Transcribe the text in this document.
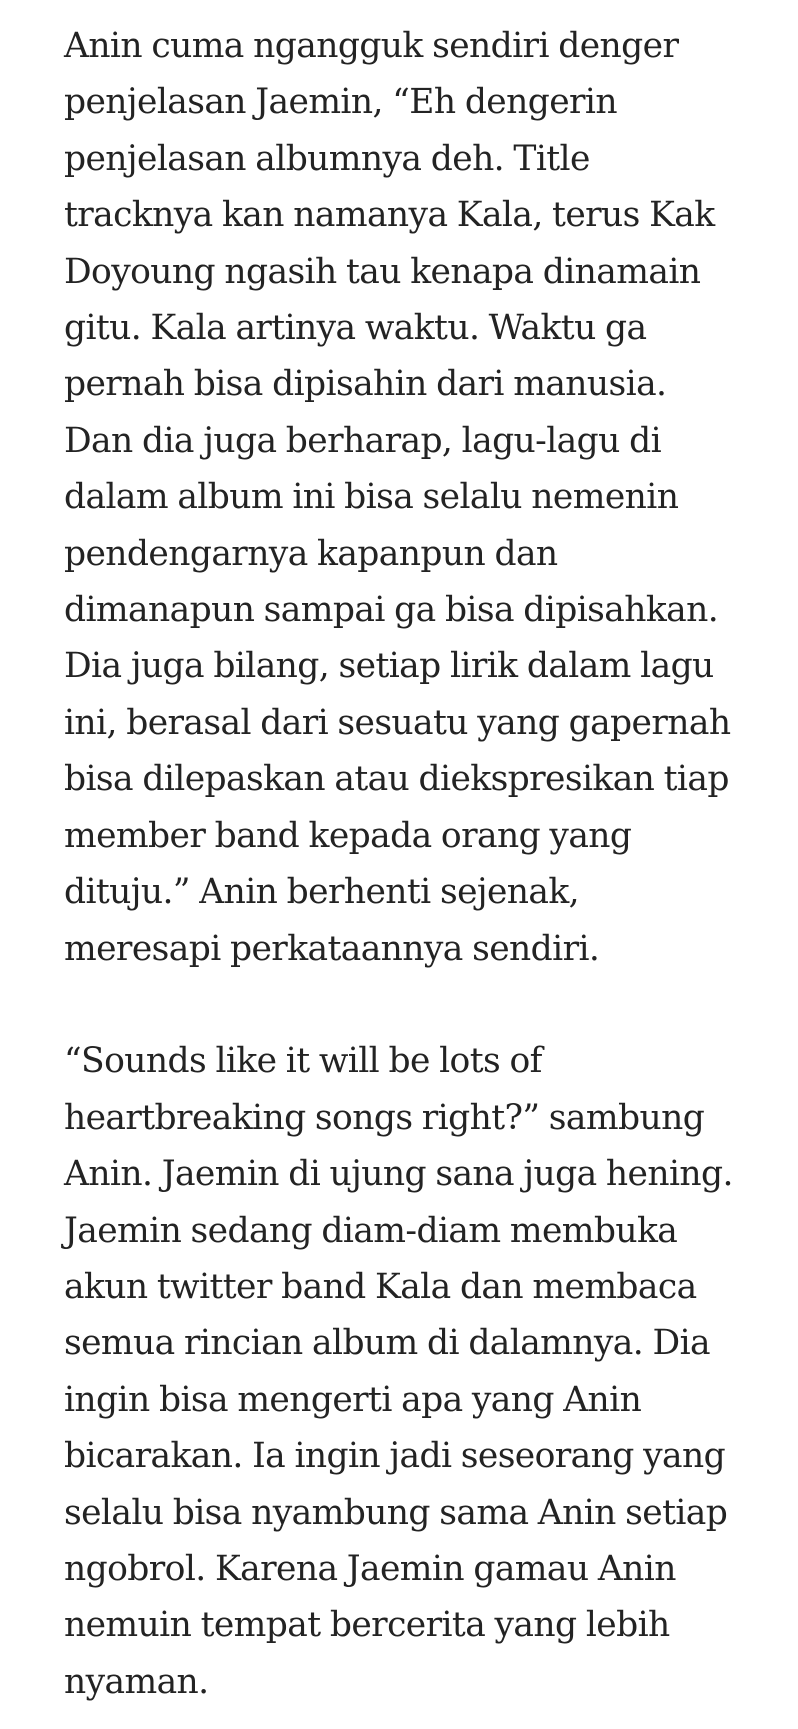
Anin cuma ngangguk sendiri denger
penjelasan Jaemin, “Eh dengerin
penjelasan albumnya deh. Title
tracknya kan namanya Kala, terus Kak
Doyoung ngasih tau kenapa dinamain
gitu. Kala artinya waktu. Waktu ga
pernah bisa dipisahin dari manusia.
Dan dia juga berharap, lagu-lagu di
dalam album ini bisa selalu nemenin
pendengarnya kapanpun dan
dimanapun sampai ga bisa dipisahkan.
Dia juga bilang, setiap lirik dalam lagu
ini, berasal dari sesuatu yang gapernah
bisa dilepaskan atau diekspresikan tiap
member band kepada orang yang
dituju.” Anin berhenti sejenak,
meresapi perkataannya sendiri.

“Sounds like it will be lots of
heartbreaking songs right?” sambung
Anin. Jaemin di ujung sana juga hening.
Jaemin sedang diam-diam membuka
akun twitter band Kala dan membaca
semua rincian album di dalamnya. Dia
ingin bisa mengerti apa yang Anin
bicarakan. Ia ingin jadi seseorang yang
selalu bisa nyambung sama Anin setiap
ngobrol. Karena Jaemin gamau Anin
nemuin tempat bercerita yang lebih
nyaman.
